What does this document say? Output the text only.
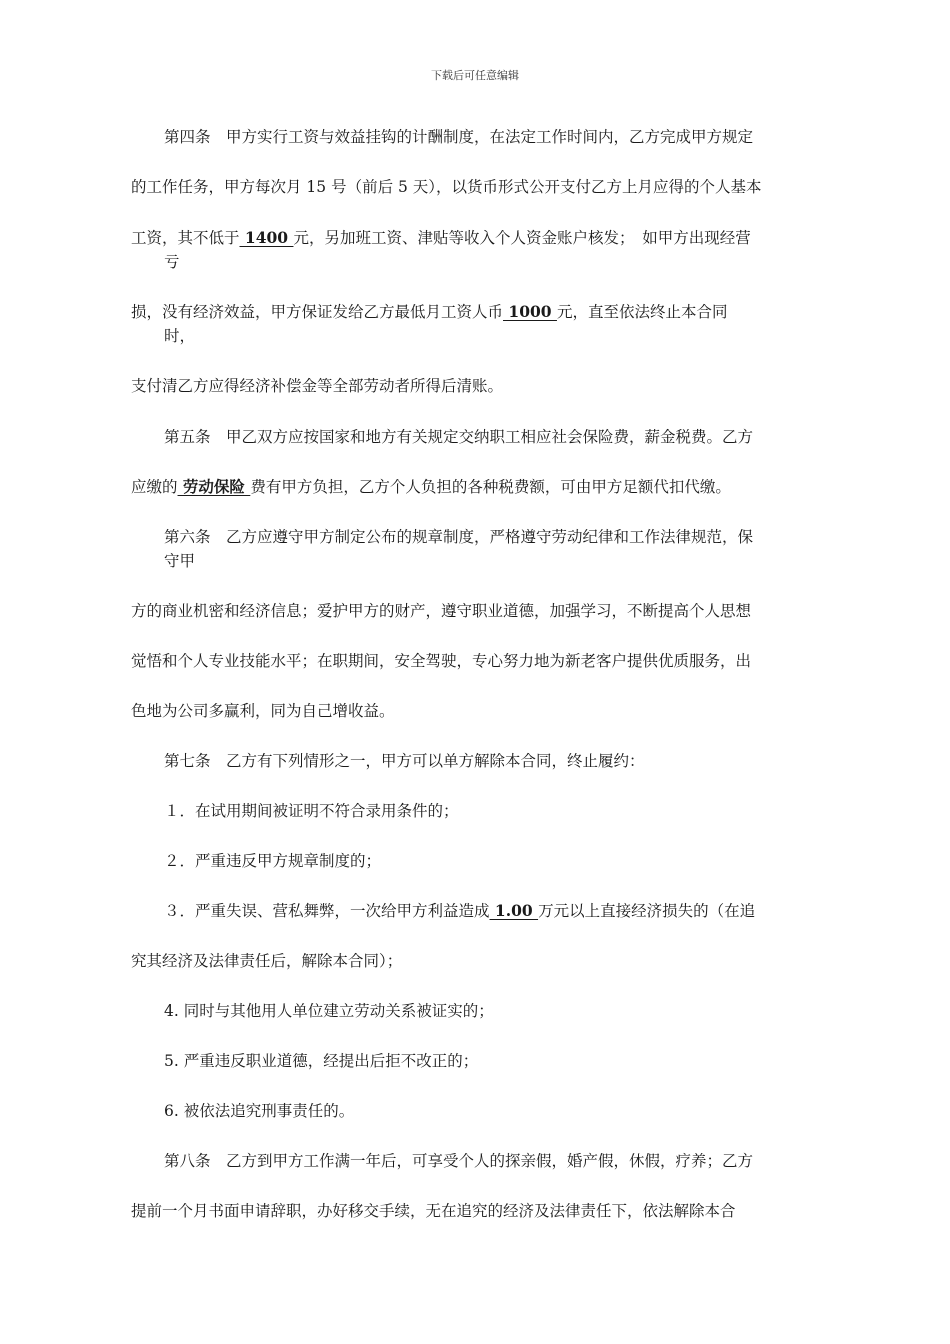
下载后可任意编辑
第四条　甲方实行工资与效益挂钩的计酬制度，在法定工作时间内，乙方完成甲方规定
的工作任务，甲方每次月 15 号（前后 5 天），以货币形式公开支付乙方上月应得的个人基本
工资，其不低于 1400 元，另加班工资、津贴等收入个人资金账户核发；　如甲方出现经营
亏
损，没有经济效益，甲方保证发给乙方最低月工资人币 1000 元，直至依法终止本合同
时，
支付清乙方应得经济补偿金等全部劳动者所得后清账。
第五条　甲乙双方应按国家和地方有关规定交纳职工相应社会保险费，薪金税费。乙方
应缴的 劳动保险 费有甲方负担，乙方个人负担的各种税费额，可由甲方足额代扣代缴。
第六条　乙方应遵守甲方制定公布的规章制度，严格遵守劳动纪律和工作法律规范，保
守甲
方的商业机密和经济信息；爱护甲方的财产，遵守职业道德，加强学习，不断提高个人思想
觉悟和个人专业技能水平；在职期间，安全驾驶，专心努力地为新老客户提供优质服务，出
色地为公司多赢利，同为自己增收益。
第七条　乙方有下列情形之一，甲方可以单方解除本合同，终止履约：
１．在试用期间被证明不符合录用条件的；
２．严重违反甲方规章制度的；
３．严重失误、营私舞弊，一次给甲方利益造成 1.00 万元以上直接经济损失的（在追
究其经济及法律责任后，解除本合同）；
4. 同时与其他用人单位建立劳动关系被证实的；
5. 严重违反职业道德，经提出后拒不改正的；
6. 被依法追究刑事责任的。
第八条　乙方到甲方工作满一年后，可享受个人的探亲假，婚产假，休假，疗养；乙方
提前一个月书面申请辞职，办好移交手续，无在追究的经济及法律责任下，依法解除本合
